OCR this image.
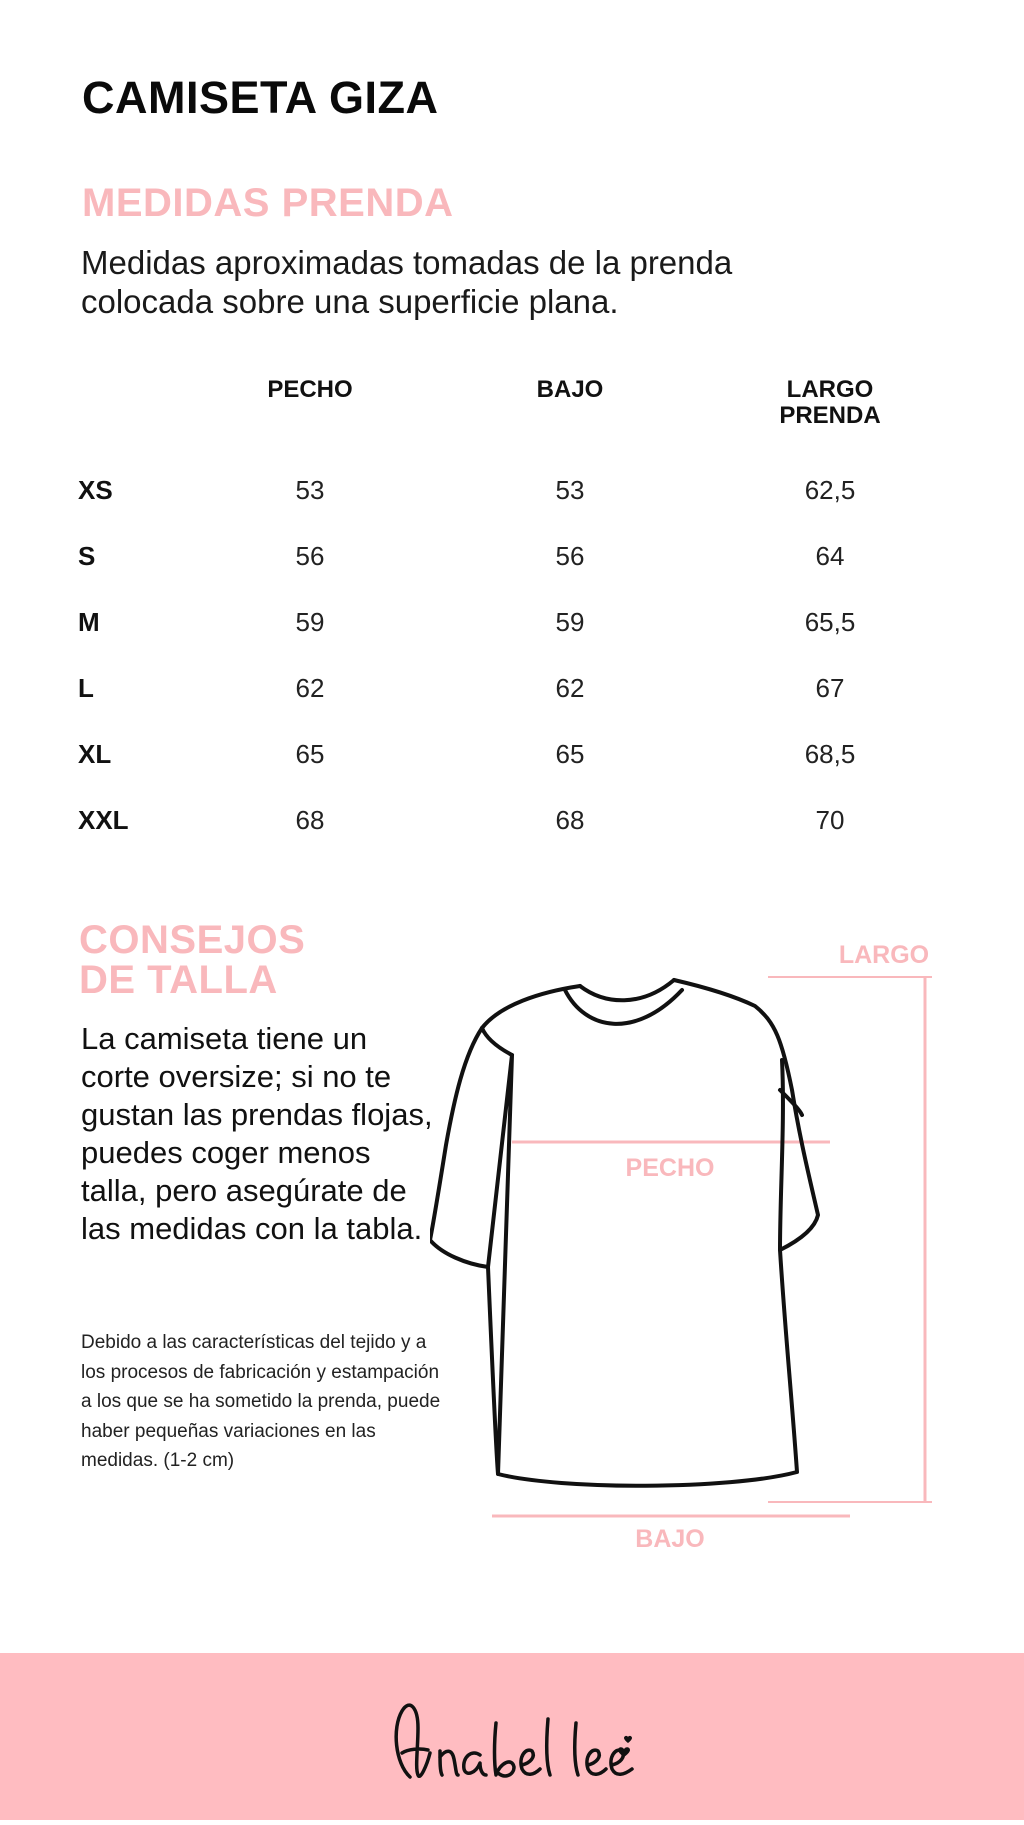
CAMISETA GIZA
MEDIDAS PRENDA
Medidas aproximadas tomadas de la prenda colocada sobre una superficie plana.
	PECHO	BAJO	LARGO PRENDA
XS	53	53	62,5
S	56	56	64
M	59	59	65,5
L	62	62	67
XL	65	65	68,5
XXL	68	68	70
CONSEJOS
DE TALLA
La camiseta tiene un corte oversize; si no te gustan las prendas flojas, puedes coger menos talla, pero asegúrate de las medidas con la tabla.
Debido a las características del tejido y a los procesos de fabricación y estampación a los que se ha sometido la prenda, puede haber pequeñas variaciones en las medidas. (1-2 cm)
LARGO
PECHO
BAJO
